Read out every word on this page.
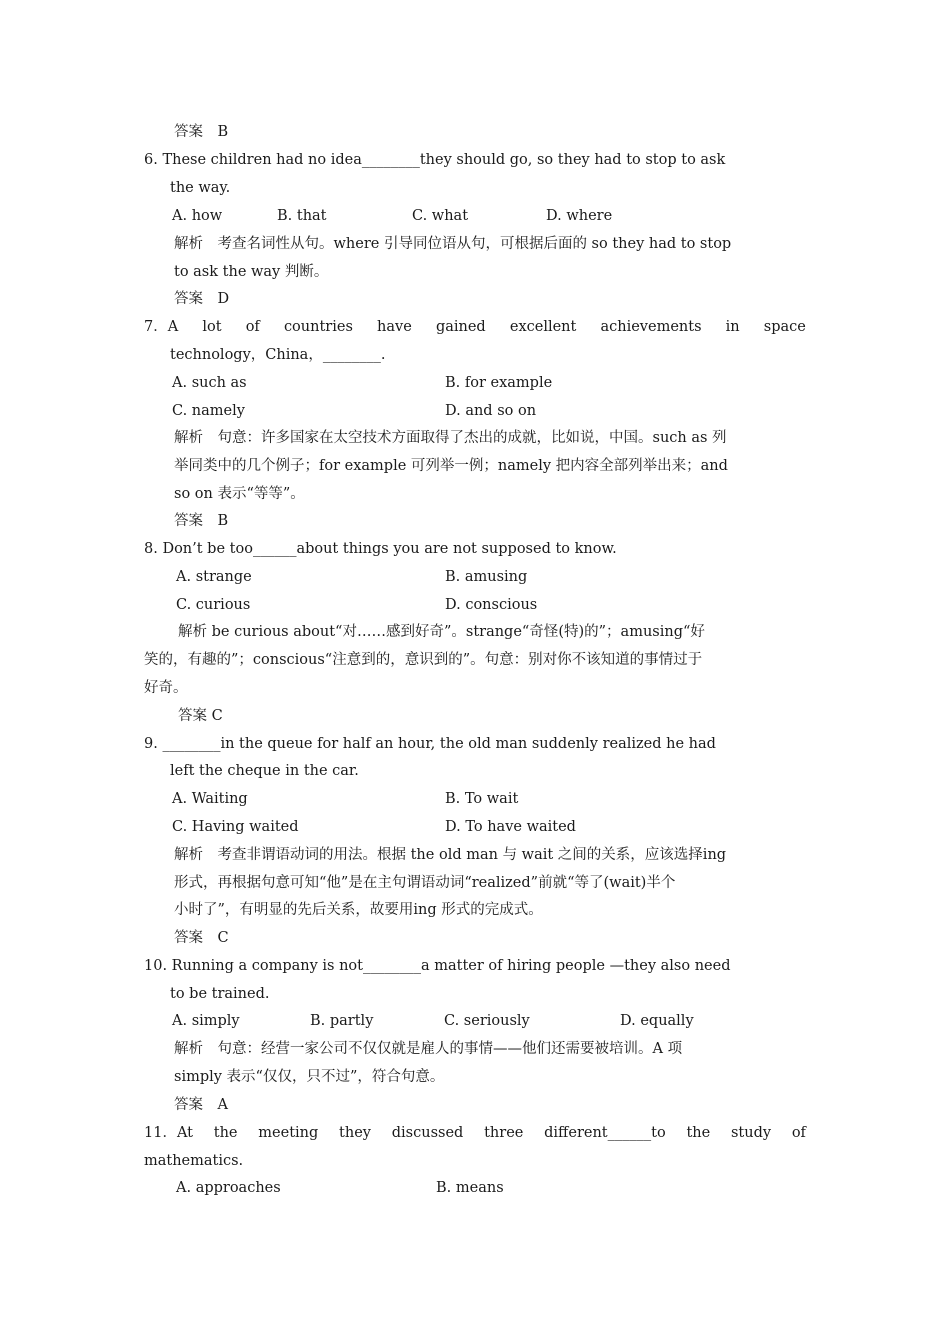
答案　B
6. These children had no idea________they should go, so they had to stop to ask
the way.

A. how

	B. that

	C. what

	D. where

解析　考查名词性从句。where 引导同位语从句，可根据后面的 so they had to stop
to ask the way 判断。
答案　D
7．A lot of countries have gained excellent achievements in space
technology，China，________.
A. such as	B. for example
C. namely	D. and so on
解析　句意：许多国家在太空技术方面取得了杰出的成就，比如说，中国。such as 列
举同类中的几个例子；for example 可列举一例；namely 把内容全部列举出来；and
so on 表示“等等”。
答案　B
8. Don’t be too______about things you are not supposed to know.
A. strange	B. amusing
C. curious	D. conscious
解析 be curious about“对……感到好奇”。strange“奇怪(特)的”；amusing“好
笑的，有趣的”；conscious“注意到的，意识到的”。句意：别对你不该知道的事情过于
好奇。
答案 C
9. ________in the queue for half an hour, the old man suddenly realized he had
left the cheque in the car.
A. Waiting	B. To wait
C. Having waited	D. To have waited
解析　考查非谓语动词的用法。根据 the old man 与 wait 之间的关系，应该选择ing
形式，再根据句意可知“他”是在主句谓语动词“realized”前就“等了(wait)半个
小时了”，有明显的先后关系，故要用ing 形式的完成式。
答案　C
10. Running a company is not________a matter of hiring people —they also need
to be trained.

A. simply

	B. partly

	C. seriously

	D. equally

解析　句意：经营一家公司不仅仅就是雇人的事情——他们还需要被培训。A 项
simply 表示“仅仅，只不过”，符合句意。
答案　A
11．At the meeting they discussed three different______to the study of
mathematics.
A. approaches	B. means
